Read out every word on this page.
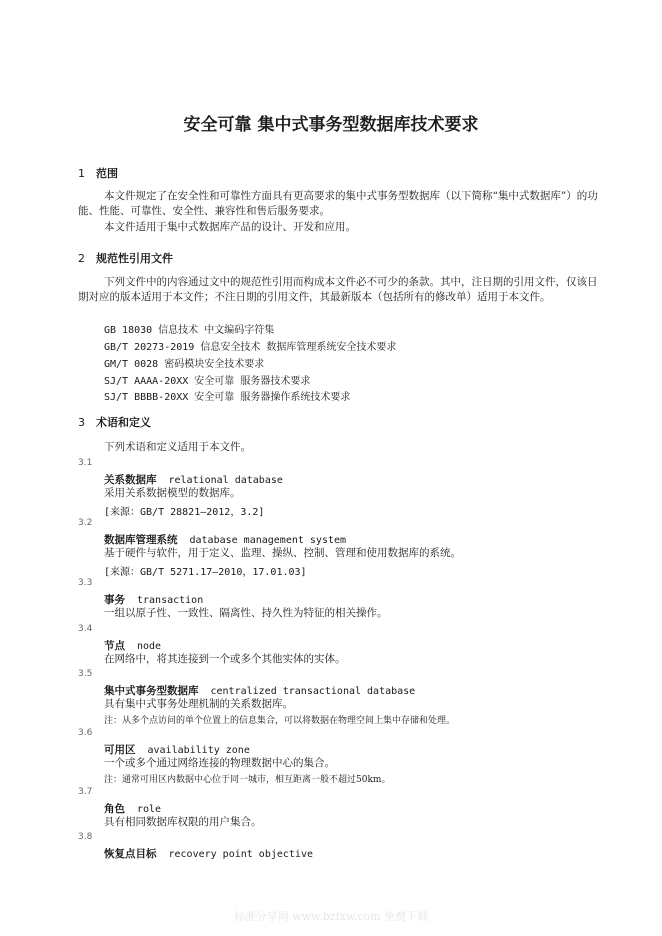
安全可靠 集中式事务型数据库技术要求
1 范围
本文件规定了在安全性和可靠性方面具有更高要求的集中式事务型数据库（以下简称“集中式数据库”）的功能、性能、可靠性、安全性、兼容性和售后服务要求。
本文件适用于集中式数据库产品的设计、开发和应用。
2 规范性引用文件
下列文件中的内容通过文中的规范性引用而构成本文件必不可少的条款。其中，注日期的引用文件，仅该日期对应的版本适用于本文件；不注日期的引用文件，其最新版本（包括所有的修改单）适用于本文件。
GB 18030 信息技术 中文编码字符集
GB/T 20273-2019 信息安全技术 数据库管理系统安全技术要求
GM/T 0028 密码模块安全技术要求
SJ/T AAAA-20XX 安全可靠 服务器技术要求
SJ/T BBBB-20XX 安全可靠 服务器操作系统技术要求
3 术语和定义
下列术语和定义适用于本文件。
3.1
关系数据库 relational database
采用关系数据模型的数据库。
[来源：GB/T 28821—2012，3.2]
3.2
数据库管理系统 database management system
基于硬件与软件，用于定义、监理、操纵、控制、管理和使用数据库的系统。
[来源：GB/T 5271.17—2010，17.01.03]
3.3
事务 transaction
一组以原子性、一致性、隔离性、持久性为特征的相关操作。
3.4
节点 node
在网络中，将其连接到一个或多个其他实体的实体。
3.5
集中式事务型数据库 centralized transactional database
具有集中式事务处理机制的关系数据库。
注：从多个点访问的单个位置上的信息集合，可以将数据在物理空间上集中存储和处理。
3.6
可用区 availability zone
一个或多个通过网络连接的物理数据中心的集合。
注：通常可用区内数据中心位于同一城市，相互距离一般不超过50km。
3.7
角色 role
具有相同数据库权限的用户集合。
3.8
恢复点目标 recovery point objective
标准分享网 www.bzfxw.com 免费下载
